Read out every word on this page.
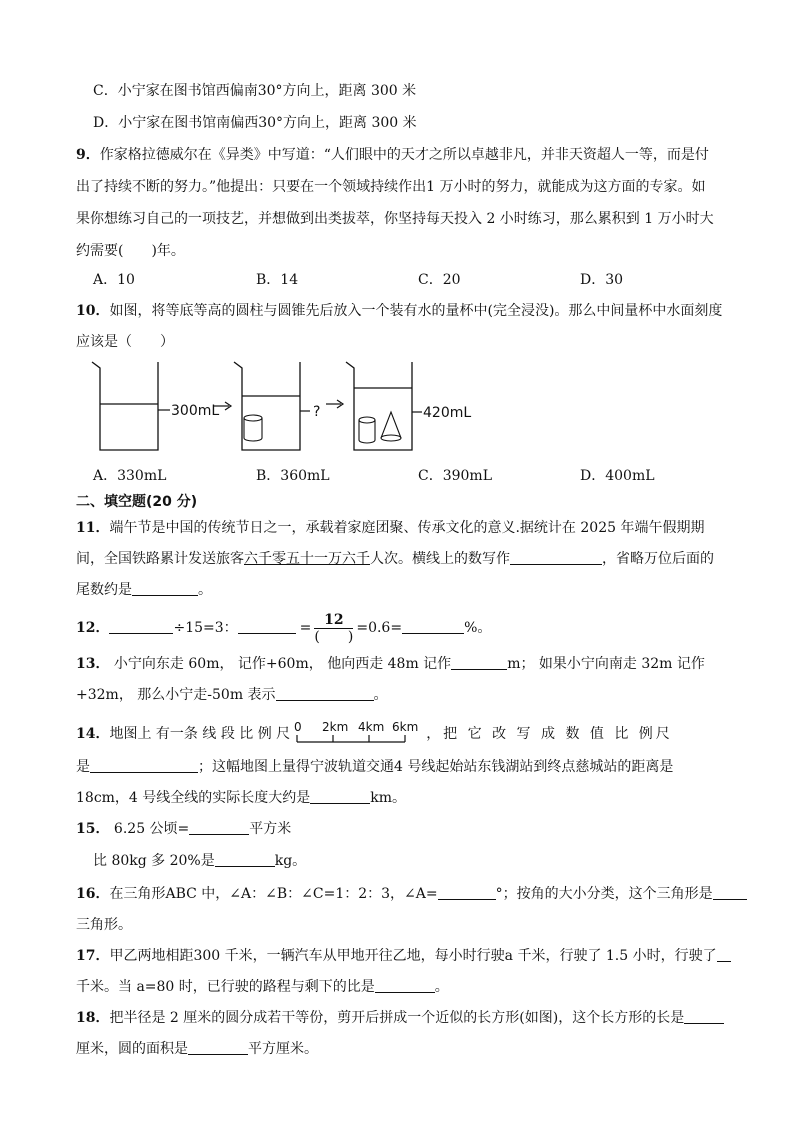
C．小宁家在图书馆西偏南30°方向上，距离 300 米
D．小宁家在图书馆南偏西30°方向上，距离 300 米
9．作家格拉德威尔在《异类》中写道：“人们眼中的天才之所以卓越非凡，并非天资超人一等，而是付
出了持续不断的努力。”他提出：只要在一个领域持续作出1 万小时的努力，就能成为这方面的专家。如
果你想练习自己的一项技艺，并想做到出类拔萃，你坚持每天投入 2 小时练习，那么累积到 1 万小时大
约需要(　　)年。
A．10	B．14	C．20	D．30
10．如图，将等底等高的圆柱与圆锥先后放入一个装有水的量杯中(完全浸没)。那么中间量杯中水面刻度
应该是（　　）
300mL	?	420mL
A．330mL	B．360mL	C．390mL	D．400mL
二、填空题(20 分)
11．端午节是中国的传统节日之一，承载着家庭团聚、传承文化的意义.据统计在 2025 年端午假期期
间，全国铁路累计发送旅客六千零五十一万六千人次。横线上的数写作	，省略万位后面的
尾数约是	。
12．	÷15=3：	= $\frac{12}{( )} =0.6=$	%。
13． 小宁向东走 60m， 记作+60m， 他向西走 48m 记作	m； 如果小宁向南走 32m 记作
+32m， 那么小宁走-50m 表示	。
14．地图上 有一条 线 段 比 例 尺 0 2km 4km 6km ，把 它 改 写 成 数 值 比 例尺
是	；这幅地图上量得宁波轨道交通4 号线起始站东钱湖站到终点慈城站的距离是
18cm，4 号线全线的实际长度大约是	km。
15． 6.25 公顷=	平方米
比 80kg 多 20%是	kg。
16．在三角形ABC 中，∠A：∠B：∠C=1：2：3，∠A=	°；按角的大小分类，这个三角形是
三角形。
17．甲乙两地相距300 千米，一辆汽车从甲地开往乙地，每小时行驶a 千米，行驶了 1.5 小时，行驶了
千米。当 a=80 时，已行驶的路程与剩下的比是	。
18．把半径是 2 厘米的圆分成若干等份，剪开后拼成一个近似的长方形(如图)，这个长方形的长是
厘米，圆的面积是	平方厘米。
